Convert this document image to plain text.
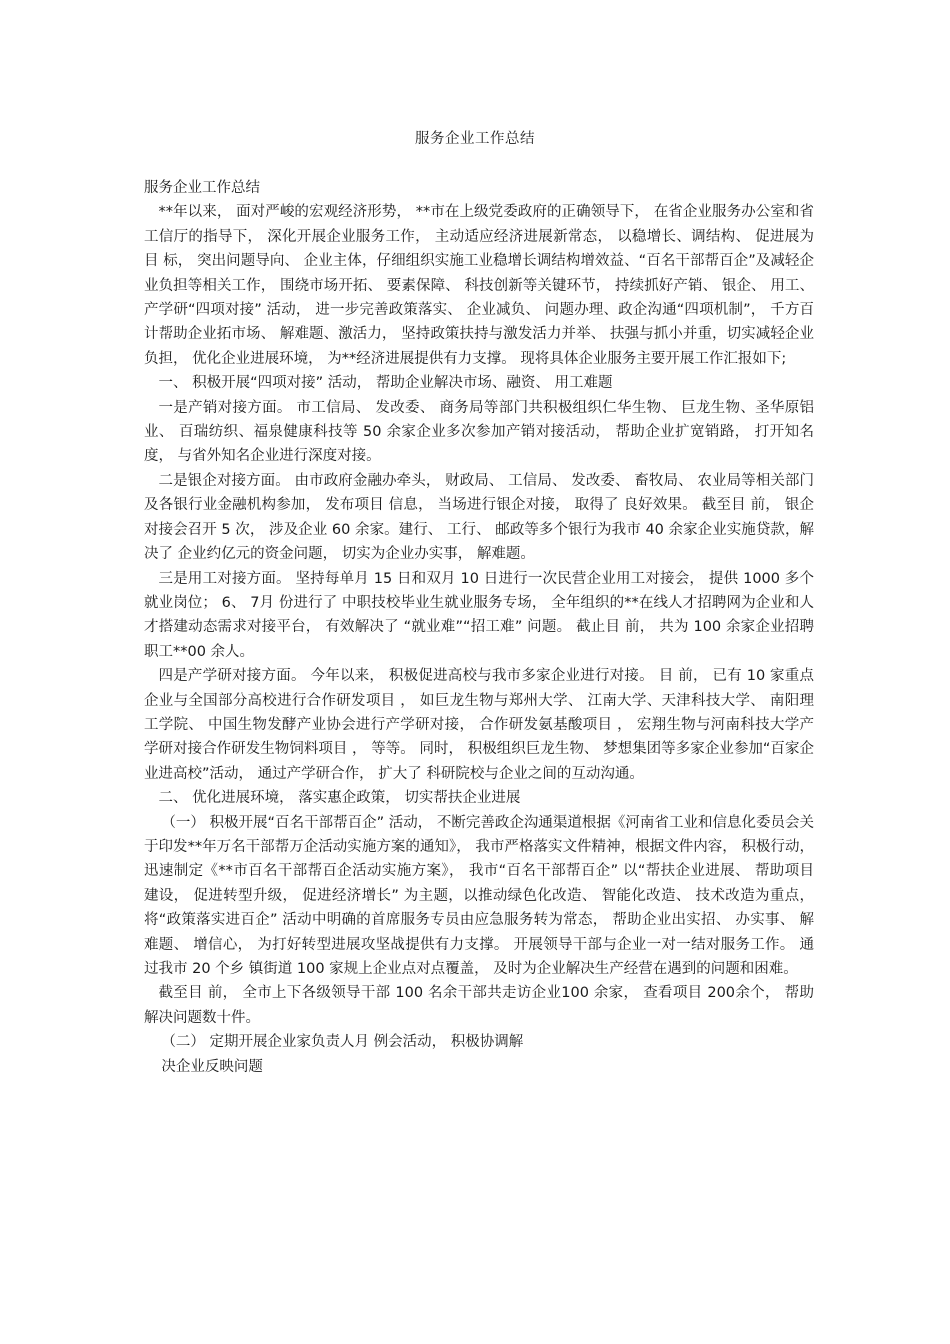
服务企业工作总结

服务企业工作总结

**年以来， 面对严峻的宏观经济形势， **市在上级党委政府的正确领导下， 在省企业服务办公室和省工信厅的指导下， 深化开展企业服务工作， 主动适应经济进展新常态， 以稳增长、调结构、 促进展为目 标， 突出问题导向、 企业主体，仔细组织实施工业稳增长调结构增效益、“百名干部帮百企”及减轻企业负担等相关工作， 围绕市场开拓、 要素保障、 科技创新等关键环节， 持续抓好产销、 银企、 用工、 产学研“四项对接” 活动， 进一步完善政策落实、 企业减负、 问题办理、政企沟通“四项机制”， 千方百计帮助企业拓市场、 解难题、激活力， 坚持政策扶持与激发活力并举、 扶强与抓小并重，切实减轻企业负担， 优化企业进展环境， 为**经济进展提供有力支撑。 现将具体企业服务主要开展工作汇报如下;

一、 积极开展“四项对接” 活动， 帮助企业解决市场、融资、 用工难题

一是产销对接方面。 市工信局、 发改委、 商务局等部门共积极组织仁华生物、 巨龙生物、圣华原铝业、 百瑞纺织、福泉健康科技等 50 余家企业多次参加产销对接活动， 帮助企业扩宽销路， 打开知名度， 与省外知名企业进行深度对接。

二是银企对接方面。 由市政府金融办牵头， 财政局、 工信局、 发改委、 畜牧局、 农业局等相关部门及各银行业金融机构参加， 发布项目 信息， 当场进行银企对接， 取得了 良好效果。 截至目 前， 银企对接会召开 5 次， 涉及企业 60 余家。建行、 工行、 邮政等多个银行为我市 40 余家企业实施贷款，解决了 企业约亿元的资金问题， 切实为企业办实事， 解难题。

三是用工对接方面。 坚持每单月 15 日和双月 10 日进行一次民营企业用工对接会， 提供 1000 多个就业岗位； 6、 7月 份进行了 中职技校毕业生就业服务专场， 全年组织的**在线人才招聘网为企业和人才搭建动态需求对接平台， 有效解决了 “就业难”“招工难” 问题。 截止目 前， 共为 100 余家企业招聘职工**00 余人。

四是产学研对接方面。 今年以来， 积极促进高校与我市多家企业进行对接。 目 前， 已有 10 家重点企业与全国部分高校进行合作研发项目 ， 如巨龙生物与郑州大学、 江南大学、天津科技大学、 南阳理工学院、 中国生物发酵产业协会进行产学研对接， 合作研发氨基酸项目 ， 宏翔生物与河南科技大学产学研对接合作研发生物饲料项目 ， 等等。 同时， 积极组织巨龙生物、 梦想集团等多家企业参加“百家企业进高校”活动， 通过产学研合作， 扩大了 科研院校与企业之间的互动沟通。

二、 优化进展环境， 落实惠企政策， 切实帮扶企业进展

（一） 积极开展“百名干部帮百企” 活动， 不断完善政企沟通渠道根据《河南省工业和信息化委员会关于印发**年万名干部帮万企活动实施方案的通知》， 我市严格落实文件精神，根据文件内容， 积极行动， 迅速制定《**市百名干部帮百企活动实施方案》， 我市“百名干部帮百企” 以“帮扶企业进展、 帮助项目 建设， 促进转型升级， 促进经济增长” 为主题，以推动绿色化改造、 智能化改造、 技术改造为重点， 将“政策落实进百企” 活动中明确的首席服务专员由应急服务转为常态， 帮助企业出实招、 办实事、 解难题、 增信心， 为打好转型进展攻坚战提供有力支撑。 开展领导干部与企业一对一结对服务工作。 通过我市 20 个乡 镇街道 100 家规上企业点对点覆盖， 及时为企业解决生产经营在遇到的问题和困难。

截至目 前， 全市上下各级领导干部 100 名余干部共走访企业100 余家， 查看项目 200余个， 帮助解决问题数十件。

（二） 定期开展企业家负责人月 例会活动， 积极协调解

决企业反映问题
